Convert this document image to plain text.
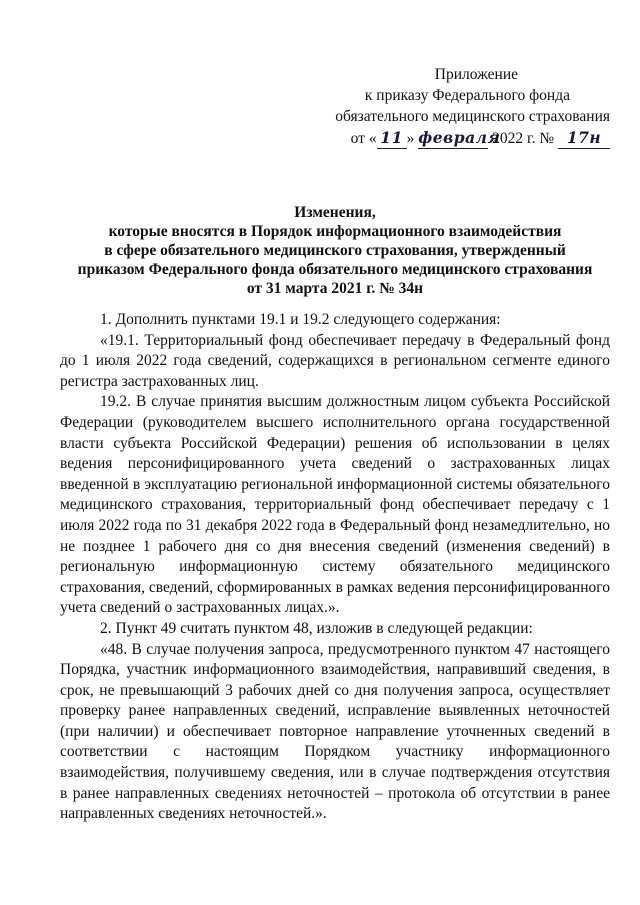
Приложение
к приказу Федерального фонда
обязательного медицинского страхования
от « 11 » февраля 2022 г. № 17н
Изменения,
которые вносятся в Порядок информационного взаимодействия
в сфере обязательного медицинского страхования, утвержденный
приказом Федерального фонда обязательного медицинского страхования
от 31 марта 2021 г. № 34н

1. Дополнить пунктами 19.1 и 19.2 следующего содержания:

«19.1. Территориальный фонд обеспечивает передачу в Федеральный фонд до 1 июля 2022 года сведений, содержащихся в региональном сегменте единого регистра застрахованных лиц.

19.2. В случае принятия высшим должностным лицом субъекта Российской Федерации (руководителем высшего исполнительного органа государственной власти субъекта Российской Федерации) решения об использовании в целях ведения персонифицированного учета сведений о застрахованных лицах введенной в эксплуатацию региональной информационной системы обязательного медицинского страхования, территориальный фонд обеспечивает передачу с 1 июля 2022 года по 31 декабря 2022 года в Федеральный фонд незамедлительно, но не позднее 1 рабочего дня со дня внесения сведений (изменения сведений) в региональную информационную систему обязательного медицинского страхования, сведений, сформированных в рамках ведения персонифицированного учета сведений о застрахованных лицах.».

2. Пункт 49 считать пунктом 48, изложив в следующей редакции:

«48. В случае получения запроса, предусмотренного пунктом 47 настоящего Порядка, участник информационного взаимодействия, направивший сведения, в срок, не превышающий 3 рабочих дней со дня получения запроса, осуществляет проверку ранее направленных сведений, исправление выявленных неточностей (при наличии) и обеспечивает повторное направление уточненных сведений в соответствии с настоящим Порядком участнику информационного взаимодействия, получившему сведения, или в случае подтверждения отсутствия в ранее направленных сведениях неточностей – протокола об отсутствии в ранее направленных сведениях неточностей.».
